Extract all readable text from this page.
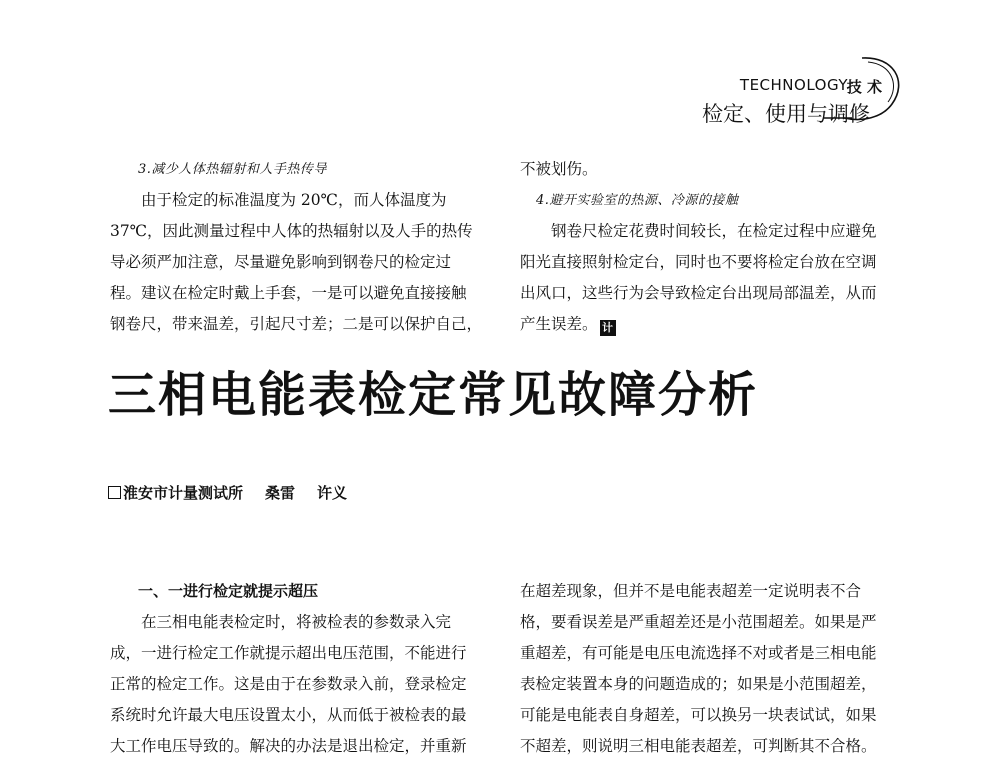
TECHNOLOGY
技 术
检定、使用与调修
3.减少人体热辐射和人手热传导

由于检定的标准温度为 20℃，而人体温度为

37℃，因此测量过程中人体的热辐射以及人手的热传

导必须严加注意，尽量避免影响到钢卷尺的检定过

程。建议在检定时戴上手套，一是可以避免直接接触

钢卷尺，带来温差，引起尺寸差；二是可以保护自己，

不被划伤。

4.避开实验室的热源、冷源的接触

钢卷尺检定花费时间较长，在检定过程中应避免

阳光直接照射检定台，同时也不要将检定台放在空调

出风口，这些行为会导致检定台出现局部温差，从而

产生误差。 计

三相电能表检定常见故障分析
淮安市计量测试所 桑雷 许义
一、一进行检定就提示超压

在三相电能表检定时，将被检表的参数录入完

成，一进行检定工作就提示超出电压范围，不能进行

正常的检定工作。这是由于在参数录入前，登录检定

系统时允许最大电压设置太小，从而低于被检表的最

大工作电压导致的。解决的办法是退出检定，并重新

在超差现象，但并不是电能表超差一定说明表不合

格，要看误差是严重超差还是小范围超差。如果是严

重超差，有可能是电压电流选择不对或者是三相电能

表检定装置本身的问题造成的；如果是小范围超差，

可能是电能表自身超差，可以换另一块表试试，如果

不超差，则说明三相电能表超差，可判断其不合格。
